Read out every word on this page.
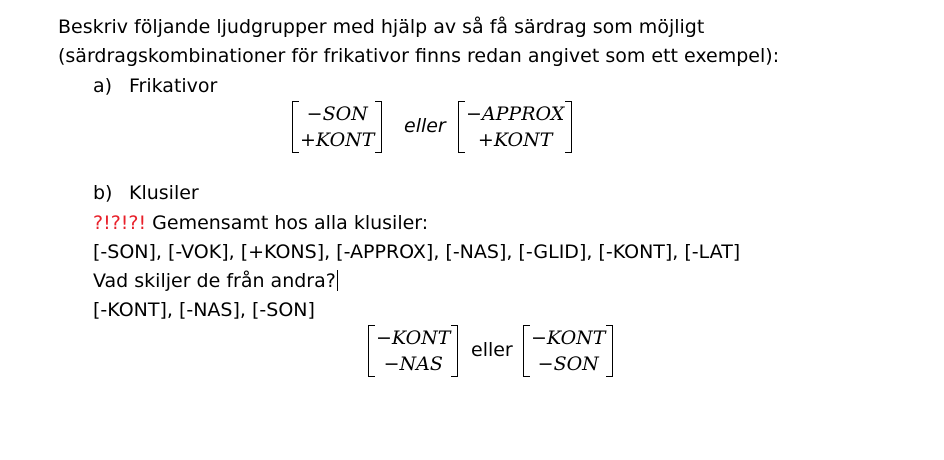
Beskriv följande ljudgrupper med hjälp av så få särdrag som möjligt
(särdragskombinationer för frikativor finns redan angivet som ett exempel):
a) Frikativor
−SON
+KONT
eller
−APPROX
+KONT
b) Klusiler
?!?!?! Gemensamt hos alla klusiler:
[-SON], [-VOK], [+KONS], [-APPROX], [-NAS], [-GLID], [-KONT], [-LAT]
Vad skiljer de från andra?
[-KONT], [-NAS], [-SON]
−KONT
−NAS
eller
−KONT
−SON
